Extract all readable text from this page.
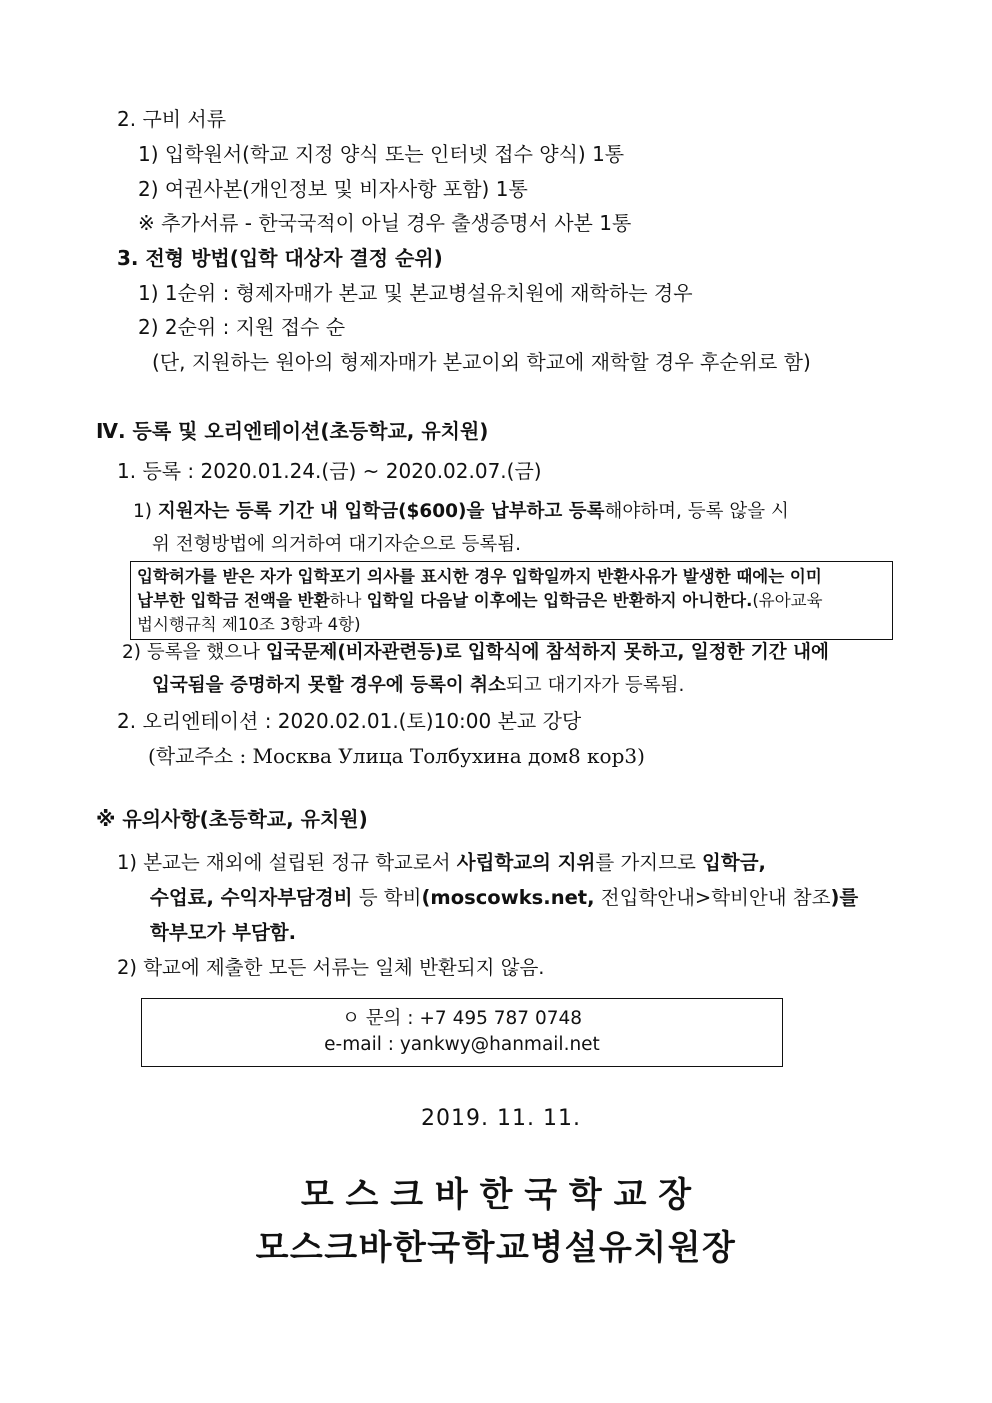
2. 구비 서류
1) 입학원서(학교 지정 양식 또는 인터넷 접수 양식) 1통
2) 여권사본(개인정보 및 비자사항 포함) 1통
※ 추가서류 - 한국국적이 아닐 경우 출생증명서 사본 1통
3. 전형 방법(입학 대상자 결정 순위)
1) 1순위 : 형제자매가 본교 및 본교병설유치원에 재학하는 경우
2) 2순위 : 지원 접수 순
(단, 지원하는 원아의 형제자매가 본교이외 학교에 재학할 경우 후순위로 함)
Ⅳ. 등록 및 오리엔테이션(초등학교, 유치원)
1. 등록 : 2020.01.24.(금) ~ 2020.02.07.(금)
1) 지원자는 등록 기간 내 입학금($600)을 납부하고 등록해야하며, 등록 않을 시
위 전형방법에 의거하여 대기자순으로 등록됨.
입학허가를 받은 자가 입학포기 의사를 표시한 경우 입학일까지 반환사유가 발생한 때에는 이미
납부한 입학금 전액을 반환하나 입학일 다음날 이후에는 입학금은 반환하지 아니한다.(유아교육
법시행규칙 제10조 3항과 4항)
2) 등록을 했으나 입국문제(비자관련등)로 입학식에 참석하지 못하고, 일정한 기간 내에
입국됨을 증명하지 못할 경우에 등록이 취소되고 대기자가 등록됨.
2. 오리엔테이션 : 2020.02.01.(토)10:00 본교 강당
(학교주소 : Москва Улица Толбухина дом8 кор3)
※ 유의사항(초등학교, 유치원)
1) 본교는 재외에 설립된 정규 학교로서 사립학교의 지위를 가지므로 입학금,
수업료, 수익자부담경비 등 학비(moscowks.net, 전입학안내>학비안내 참조)를
학부모가 부담함.
2) 학교에 제출한 모든 서류는 일체 반환되지 않음.
ㅇ 문의 : +7 495 787 0748
e-mail : yankwy@hanmail.net
2019. 11. 11.
모 스 크 바 한 국 학 교 장
모스크바한국학교병설유치원장
